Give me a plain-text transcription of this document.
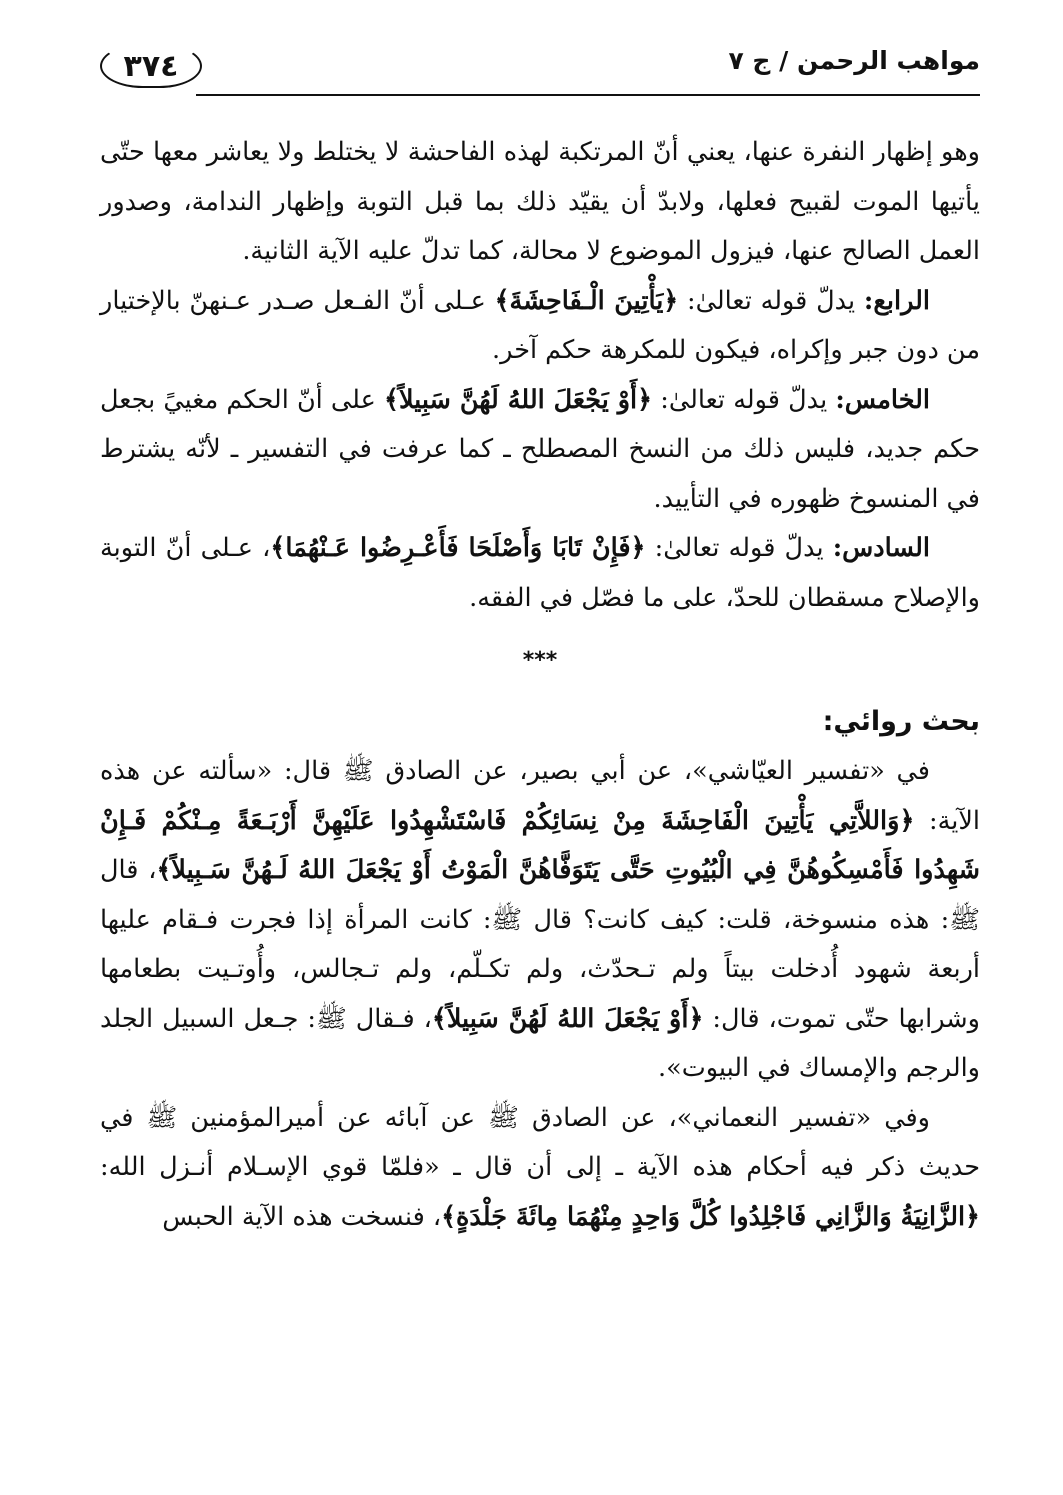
٣٧٤	مواهب الرحمن / ج ٧

وهو إظهار النفرة عنها، يعني أنّ المرتكبة لهذه الفاحشة لا يختلط ولا يعاشر معها حتّى يأتيها الموت لقبيح فعلها، ولابدّ أن يقيّد ذلك بما قبل التوبة وإظهار الندامة، وصدور العمل الصالح عنها، فيزول الموضوع لا محالة، كما تدلّ عليه الآية الثانية.

الرابع: يدلّ قوله تعالىٰ: ﴿يَأْتِينَ الْـفَاحِشَةَ﴾ عـلى أنّ الفـعل صـدر عـنهنّ بالإختيار من دون جبر وإكراه، فيكون للمكرهة حكم آخر.

الخامس: يدلّ قوله تعالىٰ: ﴿أَوْ يَجْعَلَ اللهُ لَهُنَّ سَبِيلاً﴾ على أنّ الحكم مغييً بجعل حكم جديد، فليس ذلك من النسخ المصطلح ـ كما عرفت في التفسير ـ لأنّه يشترط في المنسوخ ظهوره في التأييد.

السادس: يدلّ قوله تعالىٰ: ﴿فَإِنْ تَابَا وَأَصْلَحَا فَأَعْـرِضُوا عَـنْهُمَا﴾، عـلى أنّ التوبة والإصلاح مسقطان للحدّ، على ما فصّل في الفقه.

***
بحث روائي:

في «تفسير العيّاشي»، عن أبي بصير، عن الصادق ﷺ قال: «سألته عن هذه الآية: ﴿وَاللاَّتِي يَأْتِينَ الْفَاحِشَةَ مِنْ نِسَائِكُمْ فَاسْتَشْهِدُوا عَلَيْهِنَّ أَرْبَـعَةً مِـنْكُمْ فَـإِنْ شَهِدُوا فَأَمْسِكُوهُنَّ فِي الْبُيُوتِ حَتَّى يَتَوَفَّاهُنَّ الْمَوْتُ أَوْ يَجْعَلَ اللهُ لَـهُنَّ سَـبِيلاً﴾، قال ﷺ: هذه منسوخة، قلت: كيف كانت؟ قال ﷺ: كانت المرأة إذا فجرت فـقام عليها أربعة شهود أُدخلت بيتاً ولم تـحدّث، ولم تكـلّم، ولم تـجالس، وأُوتـيت بطعامها وشرابها حتّى تموت، قال: ﴿أَوْ يَجْعَلَ اللهُ لَهُنَّ سَبِيلاً﴾، فـقال ﷺ: جـعل السبيل الجلد والرجم والإمساك في البيوت».

وفي «تفسير النعماني»، عن الصادق ﷺ عن آبائه عن أميرالمؤمنين ﷺ في حديث ذكر فيه أحكام هذه الآية ـ إلى أن قال ـ «فلمّا قوي الإسـلام أنـزل الله: ﴿الزَّانِيَةُ وَالزَّانِي فَاجْلِدُوا كُلَّ وَاحِدٍ مِنْهُمَا مِائَةَ جَلْدَةٍ﴾، فنسخت هذه الآية الحبس
